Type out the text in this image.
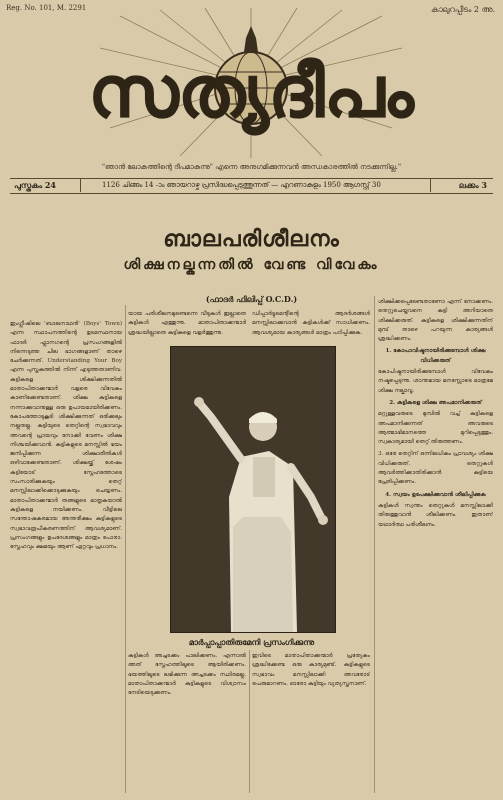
Reg. No. 101, M. 2291	കാലുറപ്പീടം 2 അ.
സത്യദീപം
"ഞാൻ ലോകത്തിന്റെ ദീപമാകുന്നു" എന്നെ അനുഗമിക്കുന്നവൻ അന്ധകാരത്തിൽ നടക്കുന്നില്ല."
പുസ്തകം 24	1126 ചിങ്ങം 14 -ാം ഞായറാഴ്ച പ്രസിദ്ധപ്പെടുത്തുന്നത് — എറണാകുളം 1950 ആഗസ്റ്റ് 30	ലക്കം 3
ബാലപരിശീലനം
ശിക്ഷനല്കുന്നതിൽ വേണ്ട വിവേകം
(ഫാദർ ഫിലിപ്പ് O.C.D.)
ഇംഗ്ലീഷിലെ 'ബാലനാഥൻ' (Boys' Town) എന്ന സ്ഥാപനത്തിന്റെ ഉടമസ്ഥനായ ഫാദർ ഫ്ലാനഗന്റെ പ്രസംഗങ്ങളിൽ നിന്നെടുത്ത ചില ഭാഗങ്ങളാണ് താഴെ ചേർക്കുന്നത്. Understanding Your Boy എന്ന പുസ്തകത്തിൽ നിന്ന് എടുത്തതാണിവ. കുട്ടികളെ ശിക്ഷിക്കുന്നതിൽ മാതാപിതാക്കന്മാർ വളരെ വിവേകം കാണിക്കേണ്ടതാണ്. ശിക്ഷ കുട്ടികളെ നന്നാക്കുവാനുള്ള ഒരു ഉപായമായിരിക്കണം. കോപത്തോടുകൂടി ശിക്ഷിക്കുന്നത് ഒരിക്കലും നല്ലതല്ല. കുട്ടിയുടെ തെറ്റിന്റെ സ്വഭാവവും അവന്റെ പ്രായവും നോക്കി വേണം ശിക്ഷ നിശ്ചയിക്കുവാൻ. കുട്ടികളുടെ മനസ്സിൽ ഭയം ജനിപ്പിക്കുന്ന ശിക്ഷാരീതികൾ ഒഴിവാക്കേണ്ടതാണ്. ശിക്ഷയ്ക്ക് ശേഷം കുട്ടിയോട് സ്നേഹത്തോടെ സംസാരിക്കുകയും തെറ്റ് മനസ്സിലാക്കിക്കൊടുക്കുകയും ചെയ്യണം. മാതാപിതാക്കന്മാർ തങ്ങളുടെ മാതൃകയാൽ കുട്ടികളെ നയിക്കണം. വീട്ടിലെ സന്തോഷകരമായ അന്തരീക്ഷം കുട്ടികളുടെ സ്വഭാവരൂപീകരണത്തിന് ആവശ്യമാണ്. പ്രസംഗങ്ങളും ഉപദേശങ്ങളും മാത്രം പോരാ. സ്നേഹവും ക്ഷമയും ആണ് ഏറ്റവും പ്രധാനം.
യായ പരിശീലനമുണ്ടെന്നെ വീടുകൾ ഇല്ലാതെ കുട്ടികൾ എത്തുന്നു. മാതാപിതാക്കന്മാർ ശ്രദ്ധയില്ലാതെ കുട്ടികളെ വളർത്തുന്നു.
ഡിപ്പാർട്ടുമെന്റിന്റെ ആദർശങ്ങൾ മനസ്സിലാക്കുവാൻ കുട്ടികൾക്ക് സാധിക്കണം. ആവശ്യമായ കാര്യങ്ങൾ മാത്രം പഠിപ്പിക്കുക.
ശിക്ഷിക്കപ്പെടേണ്ടതാണോ എന്ന് നോക്കണം. തെറ്റുചെയ്തവനെ കുട്ടി അറിയാതെ ശിക്ഷിക്കരുത്. കുട്ടികളെ ശിക്ഷിക്കുന്നതിന് മുമ്പ് താഴെ പറയുന്ന കാര്യങ്ങൾ ശ്രദ്ധിക്കണം.
1. കോപാവിഷ്ടനായിരിക്കുമ്പോൾ ശിക്ഷ വിധിക്കരുത്
കോപിഷ്ഠനായിരിക്കുമ്പോൾ വിവേകം നഷ്ടപ്പെടുന്നു. ശാന്തമായ മനസ്സോടെ മാത്രമേ ശിക്ഷ നല്കാവൂ.
2. കുട്ടികളെ ശിക്ഷ അപമാനിക്കരുത്
മറ്റുള്ളവരുടെ മുമ്പിൽ വച്ച് കുട്ടികളെ അപമാനിക്കുന്നത് അവരുടെ ആത്മാഭിമാനത്തെ മുറിപ്പെടുത്തും. സ്വകാര്യമായി തെറ്റ് തിരുത്തണം.
3. ഒരേ തെറ്റിന് ഒന്നിലധികം പ്രാവശ്യം ശിക്ഷ വിധിക്കരുത്. തെറ്റുകൾ ആവർത്തിക്കാതിരിക്കാൻ കുട്ടിയെ പ്രേരിപ്പിക്കണം.
4. സ്വയം ഉപേക്ഷിക്കുവാൻ ശീലിപ്പിക്കുക
കുട്ടികൾ സ്വന്തം തെറ്റുകൾ മനസ്സിലാക്കി തിരുത്തുവാൻ ശീലിക്കണം. ഇതാണ് യഥാർത്ഥ പരിശീലനം.
മാർപ്പാപ്പാതിരുമേനി പ്രസംഗിക്കുന്നു
കുട്ടികൾ അച്ചടക്കം പാലിക്കണം. എന്നാൽ അത് സ്നേഹത്തിലൂടെ ആയിരിക്കണം. ഭയത്തിലൂടെ ലഭിക്കുന്ന അച്ചടക്കം സ്ഥിരമല്ല. മാതാപിതാക്കന്മാർ കുട്ടികളുടെ വിശ്വാസം നേടിയെടുക്കണം.
ഇവിടെ മാതാപിതാക്കന്മാർ പ്രത്യേകം ശ്രദ്ധിക്കേണ്ട ഒരു കാര്യമുണ്ട്. കുട്ടികളുടെ സ്വഭാവം മനസ്സിലാക്കി അവരോട് പെരുമാറണം. ഓരോ കുട്ടിയും വ്യത്യസ്തനാണ്.
